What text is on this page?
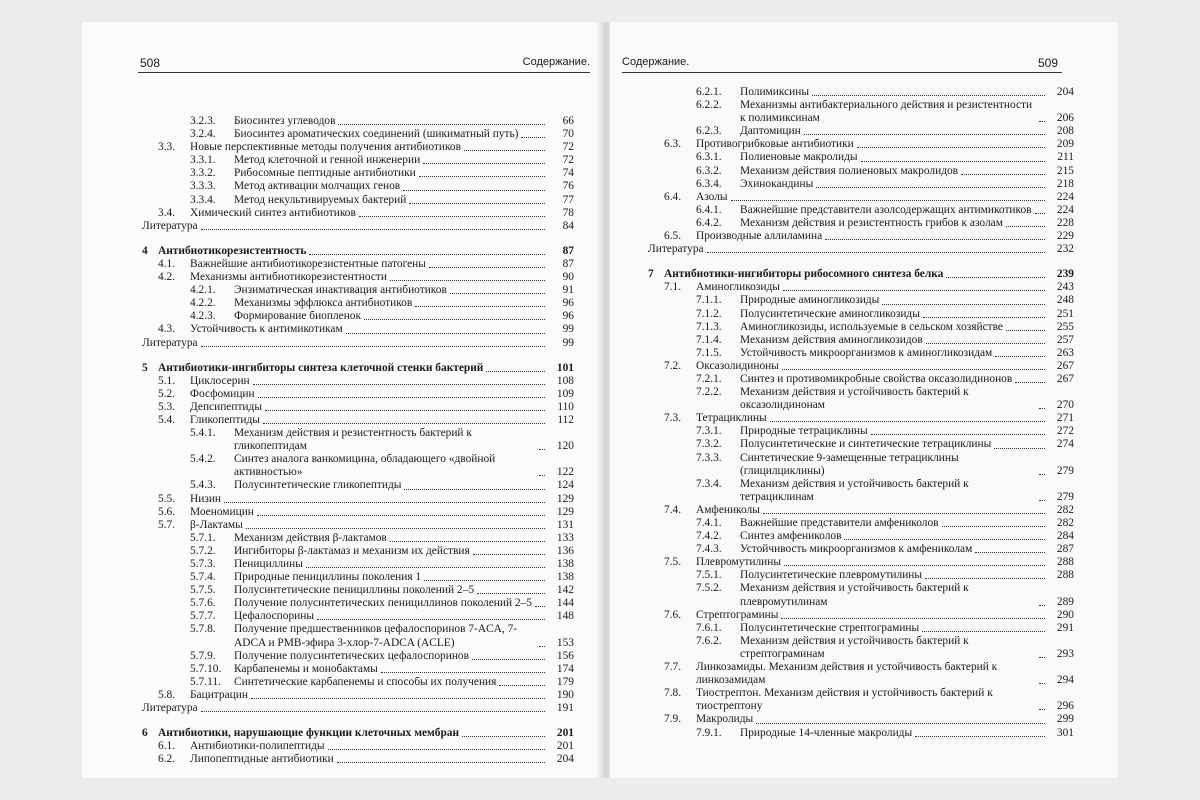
508	Содержание.
3.2.3. Биосинтез углеводов	66
3.2.4. Биосинтез ароматических соединений (шикиматный путь)	70
3.3. Новые перспективные методы получения антибиотиков	72
3.3.1. Метод клеточной и генной инженерии	72
3.3.2. Рибосомные пептидные антибиотики	74
3.3.3. Метод активации молчащих генов	76
3.3.4. Метод некультивируемых бактерий	77
3.4. Химический синтез антибиотиков	78
Литература	84
4 Антибиотикорезистентность	87
4.1. Важнейшие антибиотикорезистентные патогены	87
4.2. Механизмы антибиотикорезистентности	90
4.2.1. Энзиматическая инактивация антибиотиков	91
4.2.2. Механизмы эффлюкса антибиотиков	96
4.2.3. Формирование биопленок	96
4.3. Устойчивость к антимикотикам	99
Литература	99
5 Антибиотики-ингибиторы синтеза клеточной стенки бактерий	101
5.1. Циклосерин	108
5.2. Фосфомицин	109
5.3. Депсипептиды	110
5.4. Гликопептиды	112
5.4.1. Механизм действия и резистентность бактерий к гликопептидам	120
5.4.2. Синтез аналога ванкомицина, обладающего «двойной активностью»	122
5.4.3. Полусинтетические гликопептиды	124
5.5. Низин	129
5.6. Моеномицин	129
5.7. β-Лактамы	131
5.7.1. Механизм действия β-лактамов	133
5.7.2. Ингибиторы β-лактамаз и механизм их действия	136
5.7.3. Пенициллины	138
5.7.4. Природные пенициллины поколения 1	138
5.7.5. Полусинтетические пенициллины поколений 2–5	142
5.7.6. Получение полусинтетических пенициллинов поколений 2–5	144
5.7.7. Цефалоспорины	148
5.7.8. Получение предшественников цефалоспоринов 7-ACA, 7-ADCA и PMB-эфира 3-хлор-7-ADCA (ACLE)	153
5.7.9. Получение полусинтетических цефалоспоринов	156
5.7.10. Карбапенемы и монобактамы	174
5.7.11. Синтетические карбапенемы и способы их получения	179
5.8. Бацитрацин	190
Литература	191
6 Антибиотики, нарушающие функции клеточных мембран	201
6.1. Антибиотики-полипептиды	201
6.2. Липопептидные антибиотики	204
Содержание.	509
6.2.1. Полимиксины	204
6.2.2. Механизмы антибактериального действия и резистентности к полимиксинам	206
6.2.3. Даптомицин	208
6.3. Противогрибковые антибиотики	209
6.3.1. Полиеновые макролиды	211
6.3.2. Механизм действия полиеновых макролидов	215
6.3.4. Эхинокандины	218
6.4. Азолы	224
6.4.1. Важнейшие представители азолсодержащих антимикотиков	224
6.4.2. Механизм действия и резистентность грибов к азолам	228
6.5. Производные аллиламина	229
Литература	232
7 Антибиотики-ингибиторы рибосомного синтеза белка	239
7.1. Аминогликозиды	243
7.1.1. Природные аминогликозиды	248
7.1.2. Полусинтетические аминогликозиды	251
7.1.3. Аминогликозиды, используемые в сельском хозяйстве	255
7.1.4. Механизм действия аминогликозидов	257
7.1.5. Устойчивость микроорганизмов к аминогликозидам	263
7.2. Оксазолидиноны	267
7.2.1. Синтез и противомикробные свойства оксазолидинонов	267
7.2.2. Механизм действия и устойчивость бактерий к оксазолидинонам	270
7.3. Тетрациклины	271
7.3.1. Природные тетрациклины	272
7.3.2. Полусинтетические и синтетические тетрациклины	274
7.3.3. Синтетические 9-замещенные тетрациклины (глицилциклины)	279
7.3.4. Механизм действия и устойчивость бактерий к тетрациклинам	279
7.4. Амфениколы	282
7.4.1. Важнейшие представители амфениколов	282
7.4.2. Синтез амфениколов	284
7.4.3. Устойчивость микроорганизмов к амфениколам	287
7.5. Плевромутилины	288
7.5.1. Полусинтетические плевромутилины	288
7.5.2. Механизм действия и устойчивость бактерий к плевромутилинам	289
7.6. Стрептограмины	290
7.6.1. Полусинтетические стрептограмины	291
7.6.2. Механизм действия и устойчивость бактерий к стрептограминам	293
7.7. Линкозамиды. Механизм действия и устойчивость бактерий к линкозамидам	294
7.8. Тиострептон. Механизм действия и устойчивость бактерий к тиострептону	296
7.9. Макролиды	299
7.9.1. Природные 14-членные макролиды	301
